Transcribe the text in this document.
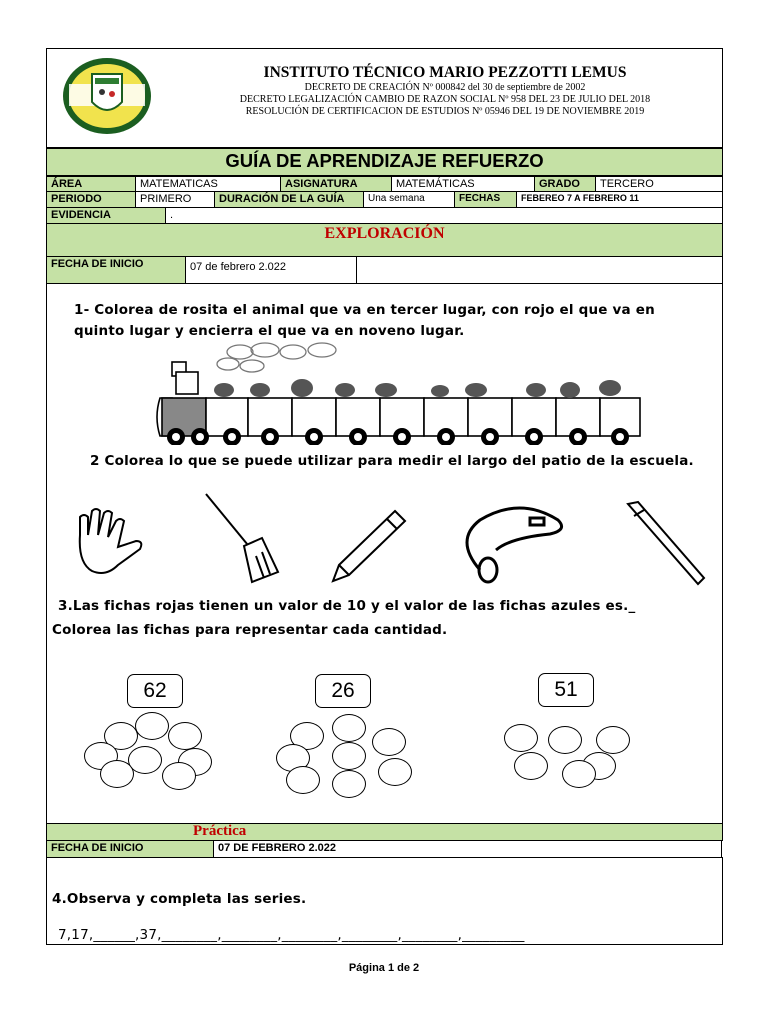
INSTITUTO TÉCNICO MARIO PEZZOTTI LEMUS
DECRETO DE CREACIÓN Nº 000842 del 30 de septiembre de 2002
DECRETO LEGALIZACIÓN CAMBIO DE RAZON SOCIAL Nº 958 DEL 23 DE JULIO DEL 2018
RESOLUCIÓN DE CERTIFICACION DE ESTUDIOS Nº 05946 DEL 19 DE NOVIEMBRE 2019
GUÍA DE APRENDIZAJE REFUERZO
ÁREA	MATEMATICAS	ASIGNATURA	MATEMÁTICAS	GRADO	TERCERO
PERIODO	PRIMERO	DURACIÓN DE LA GUÍA	Una semana	FECHAS	FEBEREO 7 A FEBRERO 11
EVIDENCIA	.
EXPLORACIÓN
FECHA DE INICIO	07 de febrero 2.022
1- Colorea de rosita el animal que va en tercer lugar, con rojo el que va en quinto lugar y encierra el que va en noveno lugar.
2 Colorea lo que se puede utilizar para medir el largo del patio de la escuela.
3.Las fichas rojas tienen un valor de 10 y el valor de las fichas azules es._
Colorea las fichas para representar cada cantidad.
62	26	51
Práctica
FECHA DE INICIO	07 DE FEBRERO 2.022
4.Observa y completa las series.
7,17,______,37,________,________,________,________,________,_________
Página 1 de 2
